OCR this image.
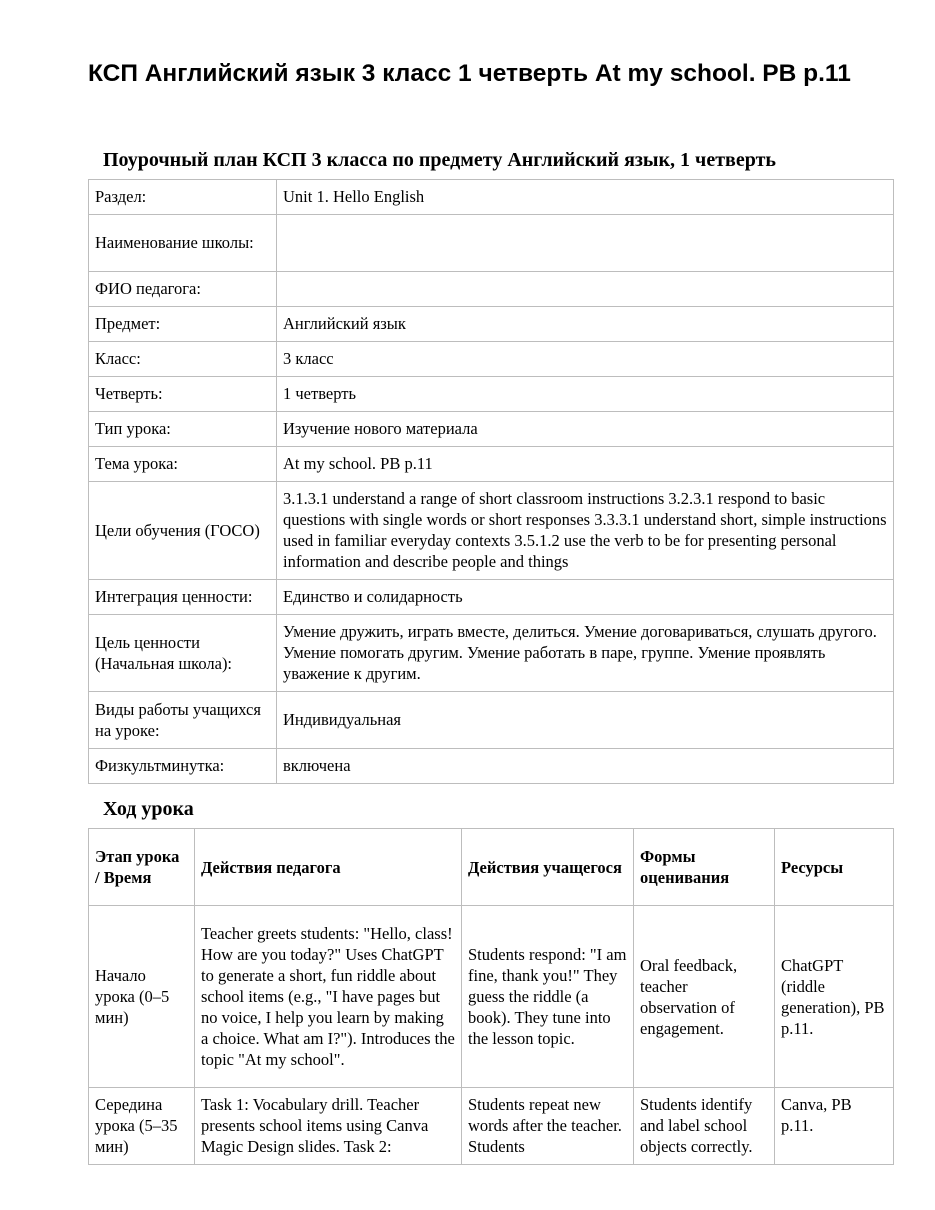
КСП Английский язык 3 класс 1 четверть At my school. PB p.11
Поурочный план КСП 3 класса по предмету Английский язык, 1 четверть
Раздел:	Unit 1. Hello English
Наименование школы:	
ФИО педагога:	
Предмет:	Английский язык
Класс:	3 класс
Четверть:	1 четверть
Тип урока:	Изучение нового материала
Тема урока:	At my school. PB p.11
Цели обучения (ГОСО)	3.1.3.1 understand a range of short classroom instructions 3.2.3.1 respond to basic questions with single words or short responses 3.3.3.1 understand short, simple instructions used in familiar everyday contexts 3.5.1.2 use the verb to be for presenting personal information and describe people and things
Интеграция ценности:	Единство и солидарность
Цель ценности (Начальная школа):	Умение дружить, играть вместе, делиться. Умение договариваться, слушать другого. Умение помогать другим. Умение работать в паре, группе. Умение проявлять уважение к другим.
Виды работы учащихся на уроке:	Индивидуальная
Физкультминутка:	включена
Ход урока
Этап урока / Время	Действия педагога	Действия учащегося	Формы оценивания	Ресурсы
Начало урока (0–5 мин)	Teacher greets students: "Hello, class! How are you today?" Uses ChatGPT to generate a short, fun riddle about school items (e.g., "I have pages but no voice, I help you learn by making a choice. What am I?"). Introduces the topic "At my school".	Students respond: "I am fine, thank you!" They guess the riddle (a book). They tune into the lesson topic.	Oral feedback, teacher observation of engagement.	ChatGPT (riddle generation), PB p.11.
Середина урока (5–35 мин)	Task 1: Vocabulary drill. Teacher presents school items using Canva Magic Design slides. Task 2:	Students repeat new words after the teacher. Students	Students identify and label school objects correctly.	Canva, PB p.11.
